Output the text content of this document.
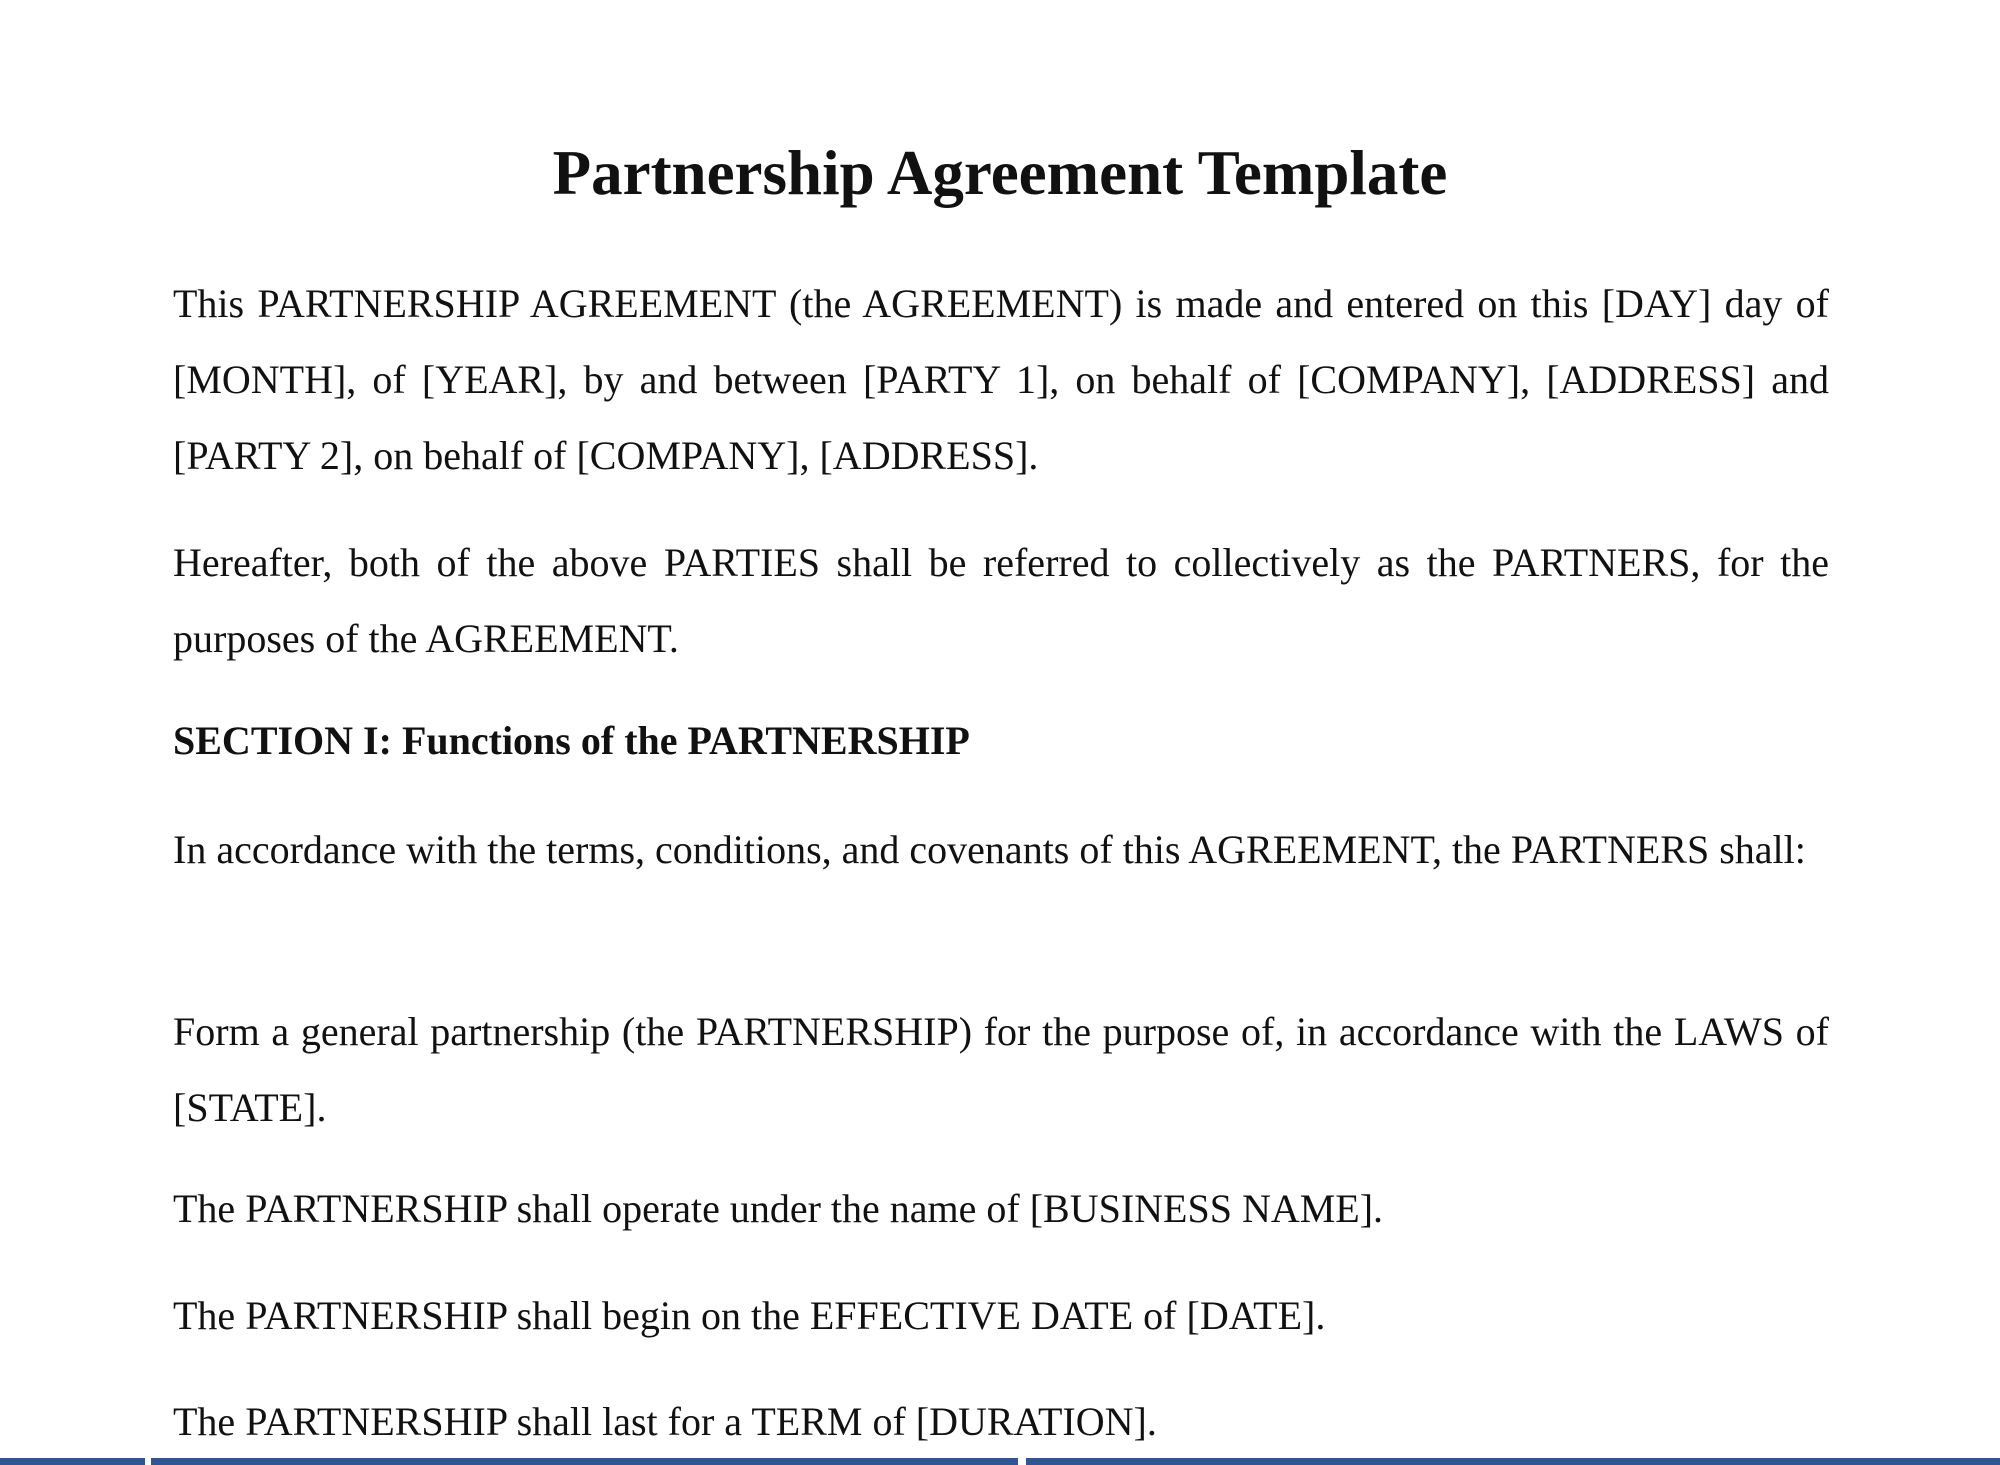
Partnership Agreement Template

This PARTNERSHIP AGREEMENT (the AGREEMENT) is made and entered on this [DAY] day of [MONTH], of [YEAR], by and between [PARTY 1], on behalf of [COMPANY], [ADDRESS] and [PARTY 2], on behalf of [COMPANY], [ADDRESS].

Hereafter, both of the above PARTIES shall be referred to collectively as the PARTNERS, for the purposes of the AGREEMENT.

SECTION I: Functions of the PARTNERSHIP

In accordance with the terms, conditions, and covenants of this AGREEMENT, the PARTNERS shall:

Form a general partnership (the PARTNERSHIP) for the purpose of, in accordance with the LAWS of [STATE].

The PARTNERSHIP shall operate under the name of [BUSINESS NAME].

The PARTNERSHIP shall begin on the EFFECTIVE DATE of [DATE].

The PARTNERSHIP shall last for a TERM of [DURATION].
